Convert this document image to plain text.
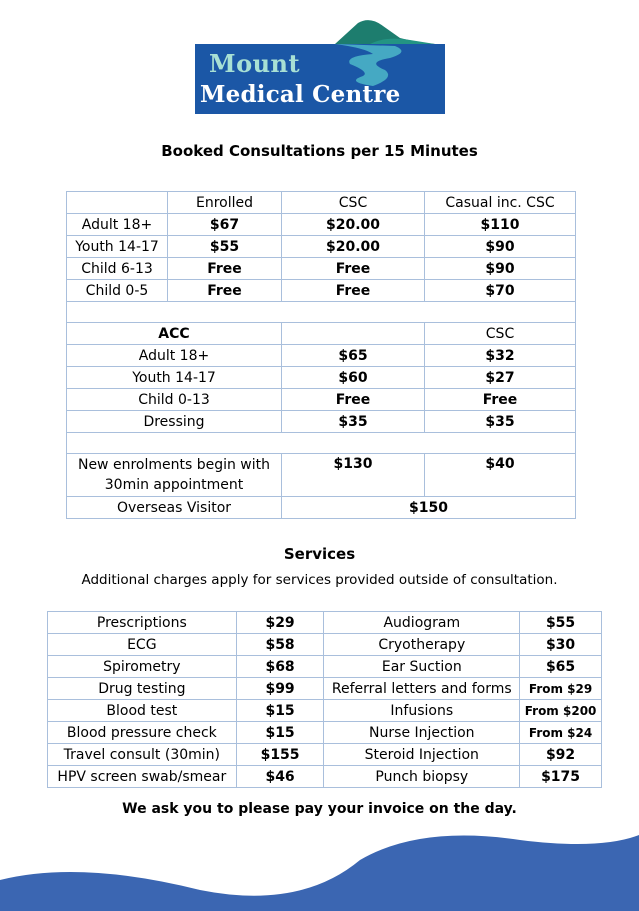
Mount
Medical Centre
Booked Consultations per 15 Minutes
	Enrolled	CSC	Casual inc. CSC
Adult 18+	$67	$20.00	$110
Youth 14-17	$55	$20.00	$90
Child 6-13	Free	Free	$90
Child 0-5	Free	Free	$70

ACC			CSC
Adult 18+		$65	$32
Youth 14-17		$60	$27
Child 0-13		Free	Free
Dressing		$35	$35

New enrolments begin with 30min appointment		$130	$40
Overseas Visitor		$150	
Services
Additional charges apply for services provided outside of consultation.
Prescriptions	$29	Audiogram	$55
ECG	$58	Cryotherapy	$30
Spirometry	$68	Ear Suction	$65
Drug testing	$99	Referral letters and forms	From $29
Blood test	$15	Infusions	From $200
Blood pressure check	$15	Nurse Injection	From $24
Travel consult (30min)	$155	Steroid Injection	$92
HPV screen swab/smear	$46	Punch biopsy	$175
We ask you to please pay your invoice on the day.
